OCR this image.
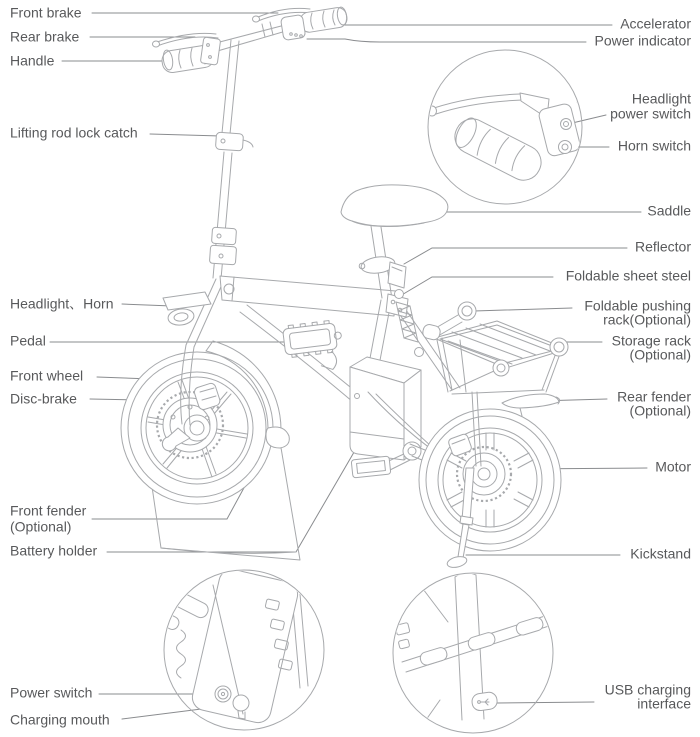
Front brake
Rear brake
Handle
Lifting rod lock catch
Headlight、Horn
Pedal
Front wheel
Disc-brake
Front fender
(Optional)
Battery holder
Power switch
Charging mouth
Accelerator
Power indicator
Headlight
power switch
Horn switch
Saddle
Reflector
Foldable sheet steel
Foldable pushing
rack(Optional)
Storage rack
(Optional)
Rear fender
(Optional)
Motor
Kickstand
USB charging
interface
